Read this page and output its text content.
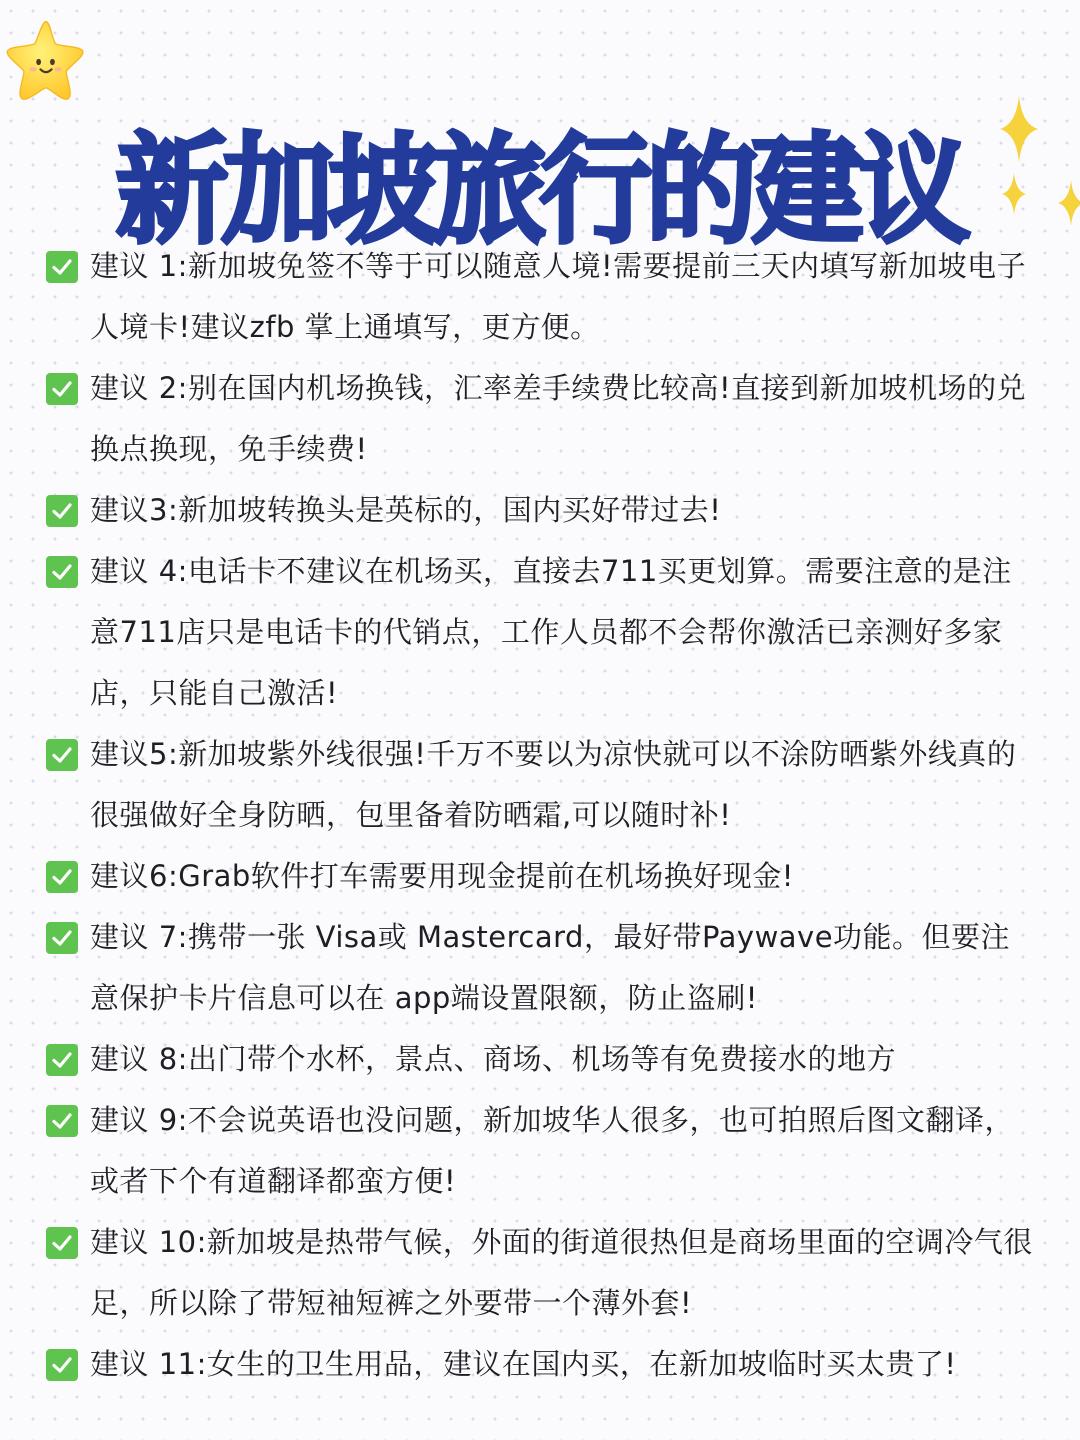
新加坡旅行的建议
建议 1:新加坡免签不等于可以随意人境!需要提前三天内填写新加坡电子人境卡!建议zfb 掌上通填写，更方便。
建议 2:别在国内机场换钱，汇率差手续费比较高!直接到新加坡机场的兑换点换现，免手续费!
建议3:新加坡转换头是英标的，国内买好带过去!
建议 4:电话卡不建议在机场买，直接去711买更划算。需要注意的是注意711店只是电话卡的代销点，工作人员都不会帮你激活已亲测好多家店，只能自己激活!
建议5:新加坡紫外线很强!千万不要以为凉快就可以不涂防晒紫外线真的很强做好全身防晒，包里备着防晒霜,可以随时补!
建议6:Grab软件打车需要用现金提前在机场换好现金!
建议 7:携带一张 Visa或 Mastercard，最好带Paywave功能。但要注意保护卡片信息可以在 app端设置限额，防止盗刷!
建议 8:出门带个水杯，景点、商场、机场等有免费接水的地方
建议 9:不会说英语也没问题，新加坡华人很多，也可拍照后图文翻译，或者下个有道翻译都蛮方便!
建议 10:新加坡是热带气候，外面的街道很热但是商场里面的空调冷气很足，所以除了带短袖短裤之外要带一个薄外套!
建议 11:女生的卫生用品，建议在国内买，在新加坡临时买太贵了!
